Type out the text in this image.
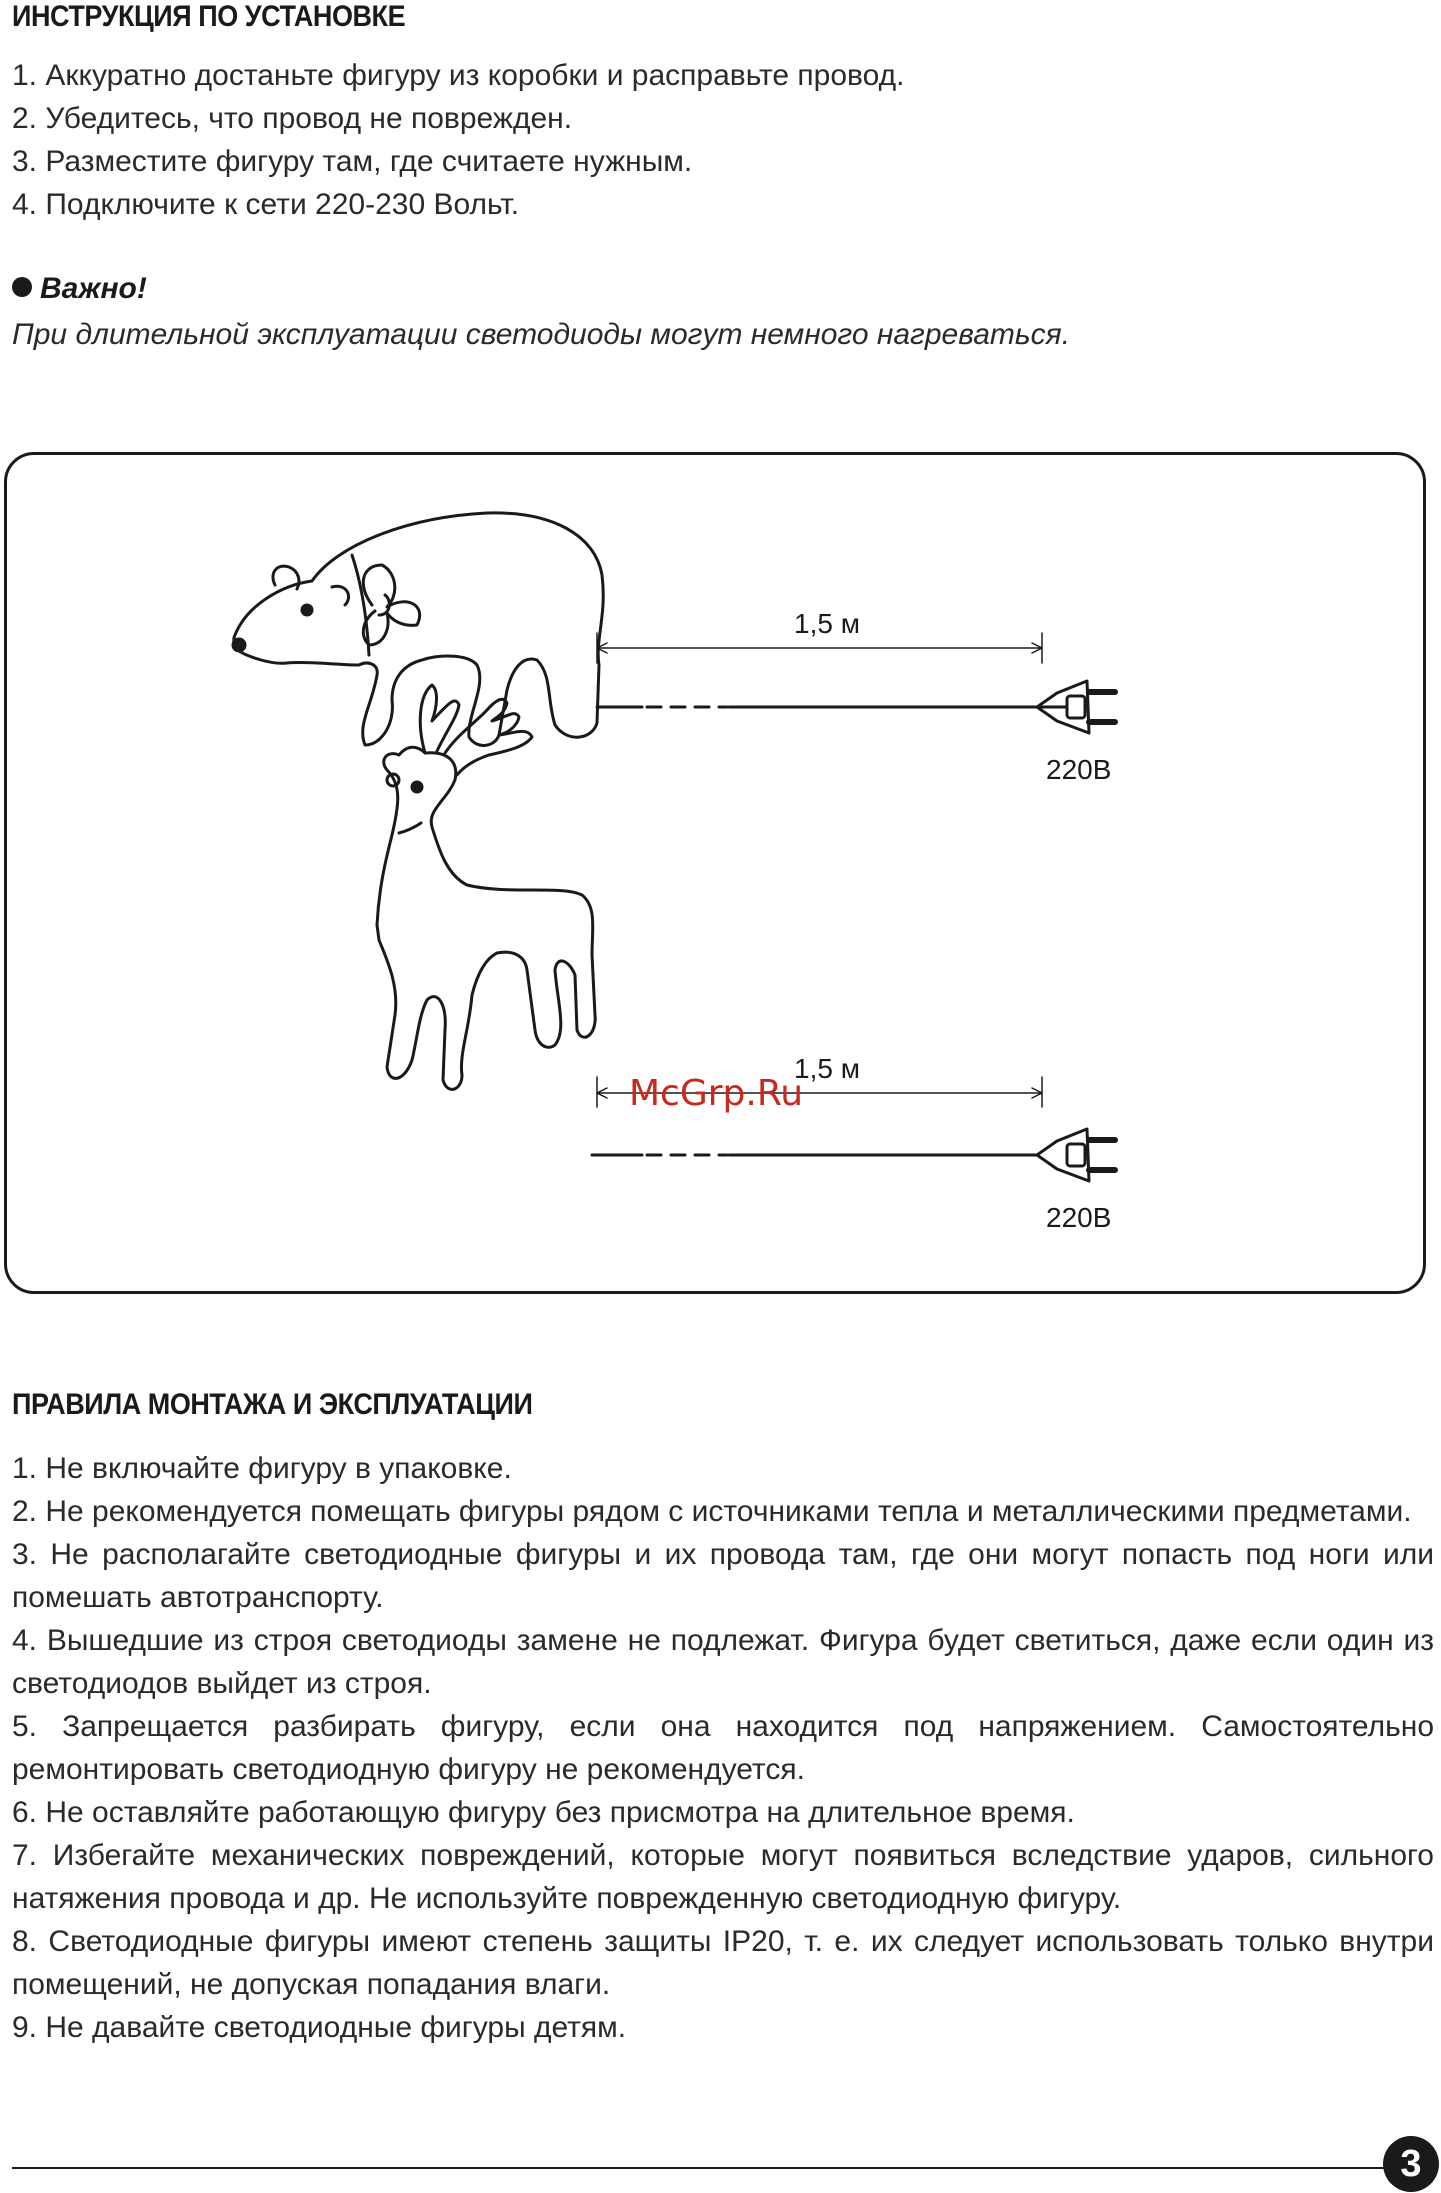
ИНСТРУКЦИЯ ПО УСТАНОВКЕ
1. Аккуратно достаньте фигуру из коробки и расправьте провод.
2. Убедитесь, что провод не поврежден.
3. Разместите фигуру там, где считаете нужным.
4. Подключите к сети 220-230 Вольт.
Важно!
При длительной эксплуатации светодиоды могут немного нагреваться.
1,5 м
220В
1,5 м
220В
McGrp.Ru
ПРАВИЛА МОНТАЖА И ЭКСПЛУАТАЦИИ
1. Не включайте фигуру в упаковке.
2. Не рекомендуется помещать фигуры рядом с источниками тепла и металлическими предметами.
3. Не располагайте светодиодные фигуры и их провода там, где они могут попасть под ноги или помешать автотранспорту.
4. Вышедшие из строя светодиоды замене не подлежат. Фигура будет светиться, даже если один из светодиодов выйдет из строя.
5. Запрещается разбирать фигуру, если она находится под напряжением. Самостоятельно ремонтировать светодиодную фигуру не рекомендуется.
6. Не оставляйте работающую фигуру без присмотра на длительное время.
7. Избегайте механических повреждений, которые могут появиться вследствие ударов, сильного натяжения провода и др. Не используйте поврежденную светодиодную фигуру.
8. Светодиодные фигуры имеют степень защиты IP20, т. е. их следует использовать только внутри помещений, не допуская попадания влаги.
9. Не давайте светодиодные фигуры детям.
3
